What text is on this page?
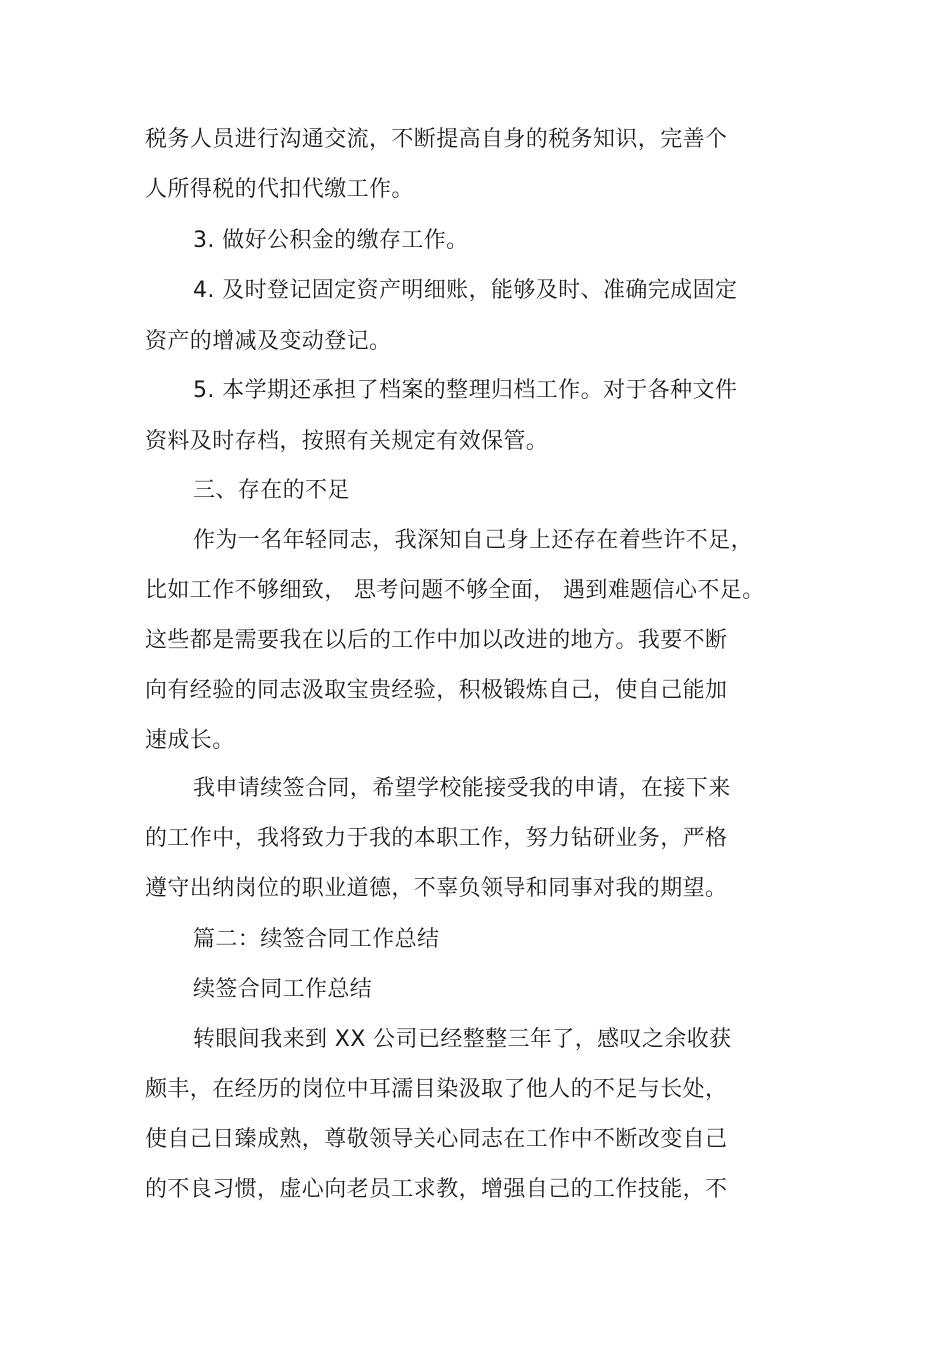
税务人员进行沟通交流，不断提高自身的税务知识，完善个
人所得税的代扣代缴工作。
3. 做好公积金的缴存工作。
4. 及时登记固定资产明细账，能够及时、准确完成固定
资产的增减及变动登记。
5. 本学期还承担了档案的整理归档工作。对于各种文件
资料及时存档，按照有关规定有效保管。
三、存在的不足
作为一名年轻同志，我深知自己身上还存在着些许不足，
比如工作不够细致， 思考问题不够全面， 遇到难题信心不足。
这些都是需要我在以后的工作中加以改进的地方。我要不断
向有经验的同志汲取宝贵经验，积极锻炼自己，使自己能加
速成长。
我申请续签合同，希望学校能接受我的申请，在接下来
的工作中，我将致力于我的本职工作，努力钻研业务，严格
遵守出纳岗位的职业道德，不辜负领导和同事对我的期望。
篇二：续签合同工作总结
续签合同工作总结
转眼间我来到 XX 公司已经整整三年了，感叹之余收获
颇丰，在经历的岗位中耳濡目染汲取了他人的不足与长处，
使自己日臻成熟，尊敬领导关心同志在工作中不断改变自己
的不良习惯，虚心向老员工求教，增强自己的工作技能，不
